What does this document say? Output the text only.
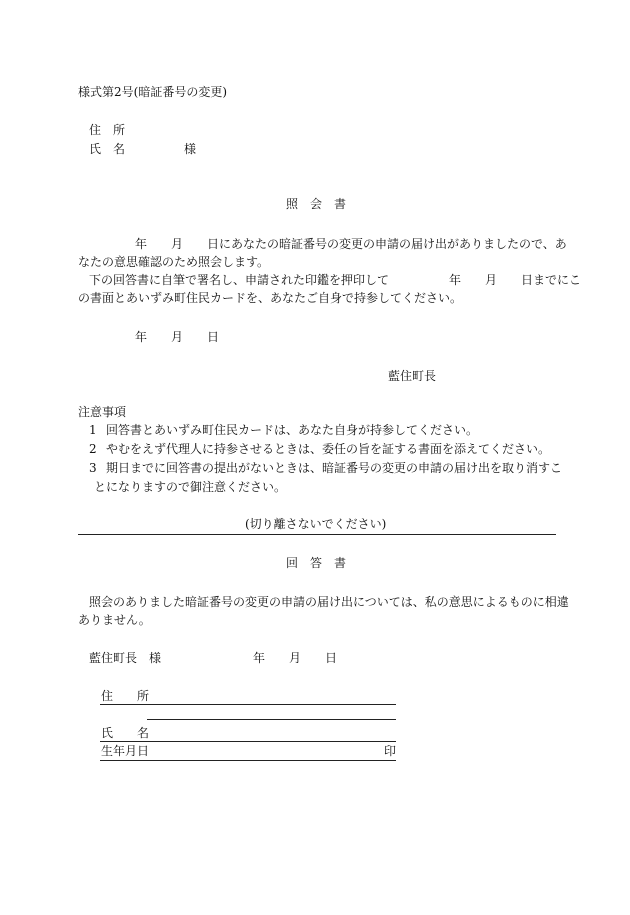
様式第2号(暗証番号の変更)
住　所
氏　名	様
照　会　書
年　　月　　日にあなたの暗証番号の変更の申請の届け出がありましたので、あ
なたの意思確認のため照会します。
下の回答書に自筆で署名し、申請された印鑑を押印して　　　　　年　　月　　日までにこ
の書面とあいずみ町住民カードを、あなたご自身で持参してください。
年　　月　　日
藍住町長
注意事項
1 回答書とあいずみ町住民カードは、あなた自身が持参してください。
2 やむをえず代理人に持参させるときは、委任の旨を証する書面を添えてください。
3 期日までに回答書の提出がないときは、暗証番号の変更の申請の届け出を取り消すこ
とになりますので御注意ください。
(切り離さないでください)
回　答　書
照会のありました暗証番号の変更の申請の届け出については、私の意思によるものに相違
ありません。
藍住町長　様	年　　月　　日
住　　所
氏　　名
生年月日	印
